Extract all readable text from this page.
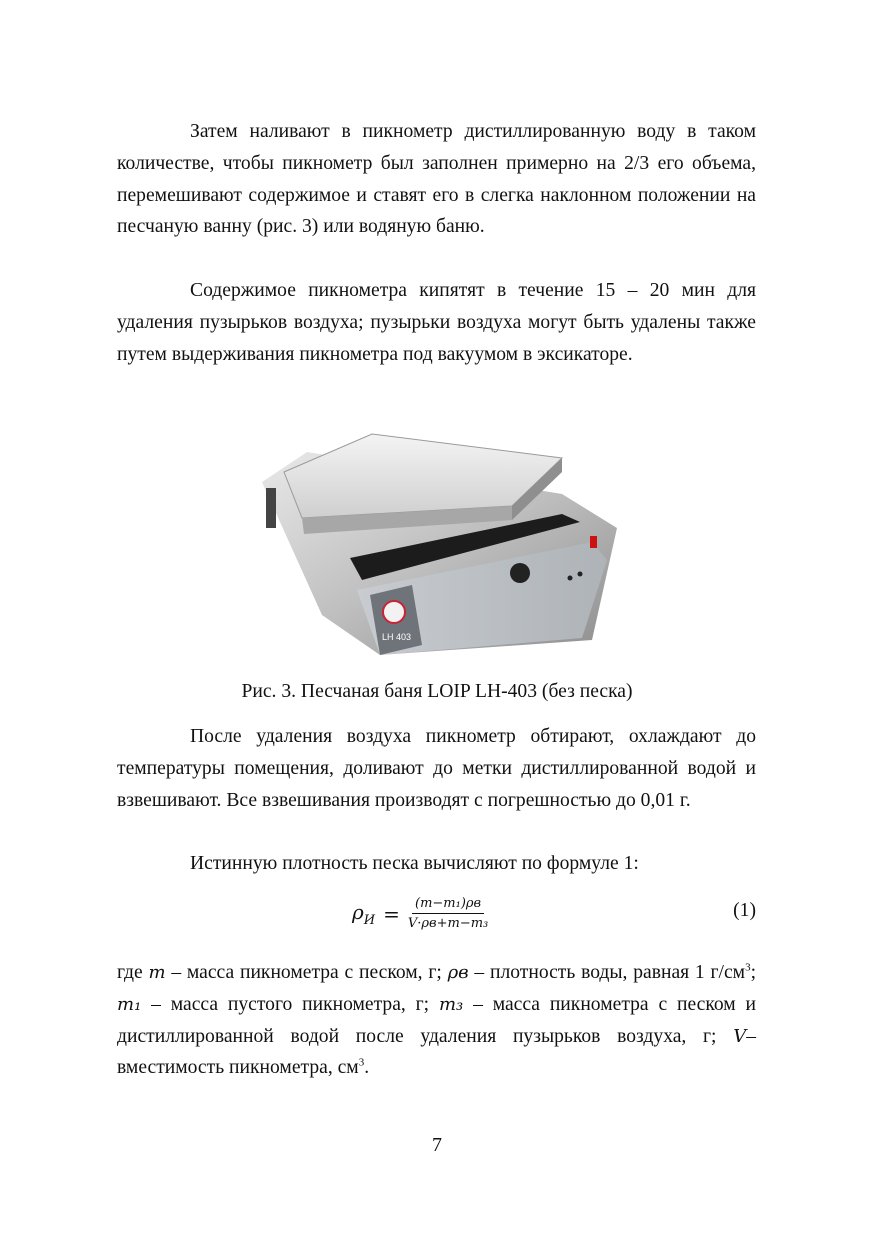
Затем наливают в пикнометр дистиллированную воду в таком количестве, чтобы пикнометр был заполнен примерно на 2/3 его объема, перемешивают содержимое и ставят его в слегка наклонном положении на песчаную ванну (рис. 3) или водяную баню.

Содержимое пикнометра кипятят в течение 15 – 20 мин для удаления пузырьков воздуха; пузырьки воздуха могут быть удалены также путем выдерживания пикнометра под вакуумом в эксикаторе.

LH 403
Рис. 3. Песчаная баня LOIP LH-403 (без песка)

После удаления воздуха пикнометр обтирают, охлаждают до температуры помещения, доливают до метки дистиллированной водой и взвешивают. Все взвешивания производят с погрешностью до 0,01 г.

Истинную плотность песка вычисляют по формуле 1:

$\rho_И = \frac{\text{(m−m₁)ρв}}{\text{V·ρв+m−m₃}}$	(1)

где m – масса пикнометра с песком, г; ρв – плотность воды, равная 1 $г/см^3$; m₁ – масса пустого пикнометра, г; m₃ – масса пикнометра с песком и дистиллированной водой после удаления пузырьков воздуха, г; V– вместимость пикнометра, $см^3$.

7
